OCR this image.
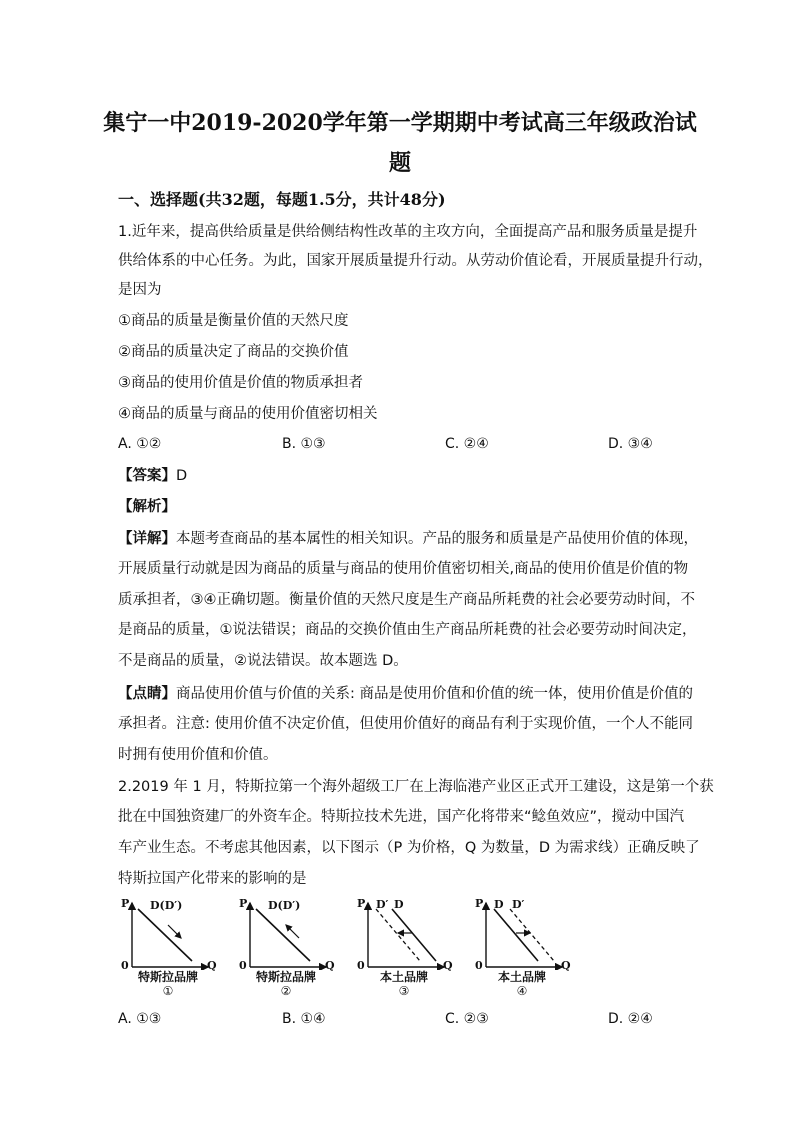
集宁一中2019-2020学年第一学期期中考试高三年级政治试
题
一、选择题(共32题，每题1.5分，共计48分)
1.近年来，提高供给质量是供给侧结构性改革的主攻方向，全面提高产品和服务质量是提升
供给体系的中心任务。为此，国家开展质量提升行动。从劳动价值论看，开展质量提升行动，
是因为
①商品的质量是衡量价值的天然尺度
②商品的质量决定了商品的交换价值
③商品的使用价值是价值的物质承担者
④商品的质量与商品的使用价值密切相关
A. ①②	B. ①③	C. ②④	D. ③④
【答案】D
【解析】
【详解】本题考查商品的基本属性的相关知识。产品的服务和质量是产品使用价值的体现，
开展质量行动就是因为商品的质量与商品的使用价值密切相关,商品的使用价值是价值的物
质承担者，③④正确切题。衡量价值的天然尺度是生产商品所耗费的社会必要劳动时间，不
是商品的质量，①说法错误；商品的交换价值由生产商品所耗费的社会必要劳动时间决定，
不是商品的质量，②说法错误。故本题选 D。
【点睛】商品使用价值与价值的关系: 商品是使用价值和价值的统一体，使用价值是价值的
承担者。注意: 使用价值不决定价值，但使用价值好的商品有利于实现价值，一个人不能同
时拥有使用价值和价值。
2.2019 年 1 月，特斯拉第一个海外超级工厂在上海临港产业区正式开工建设，这是第一个获
批在中国独资建厂的外资车企。特斯拉技术先进，国产化将带来“鲶鱼效应”，搅动中国汽
车产业生态。不考虑其他因素，以下图示（P 为价格，Q 为数量，D 为需求线）正确反映了
特斯拉国产化带来的影响的是
P
0	Q
D(D′)
特斯拉品牌
①
P
0	Q
D(D′)
特斯拉品牌
②
P
0	Q
D′ D
本土品牌
③
P
0	Q
D D′
本土品牌
④
A. ①③	B. ①④	C. ②③	D. ②④
